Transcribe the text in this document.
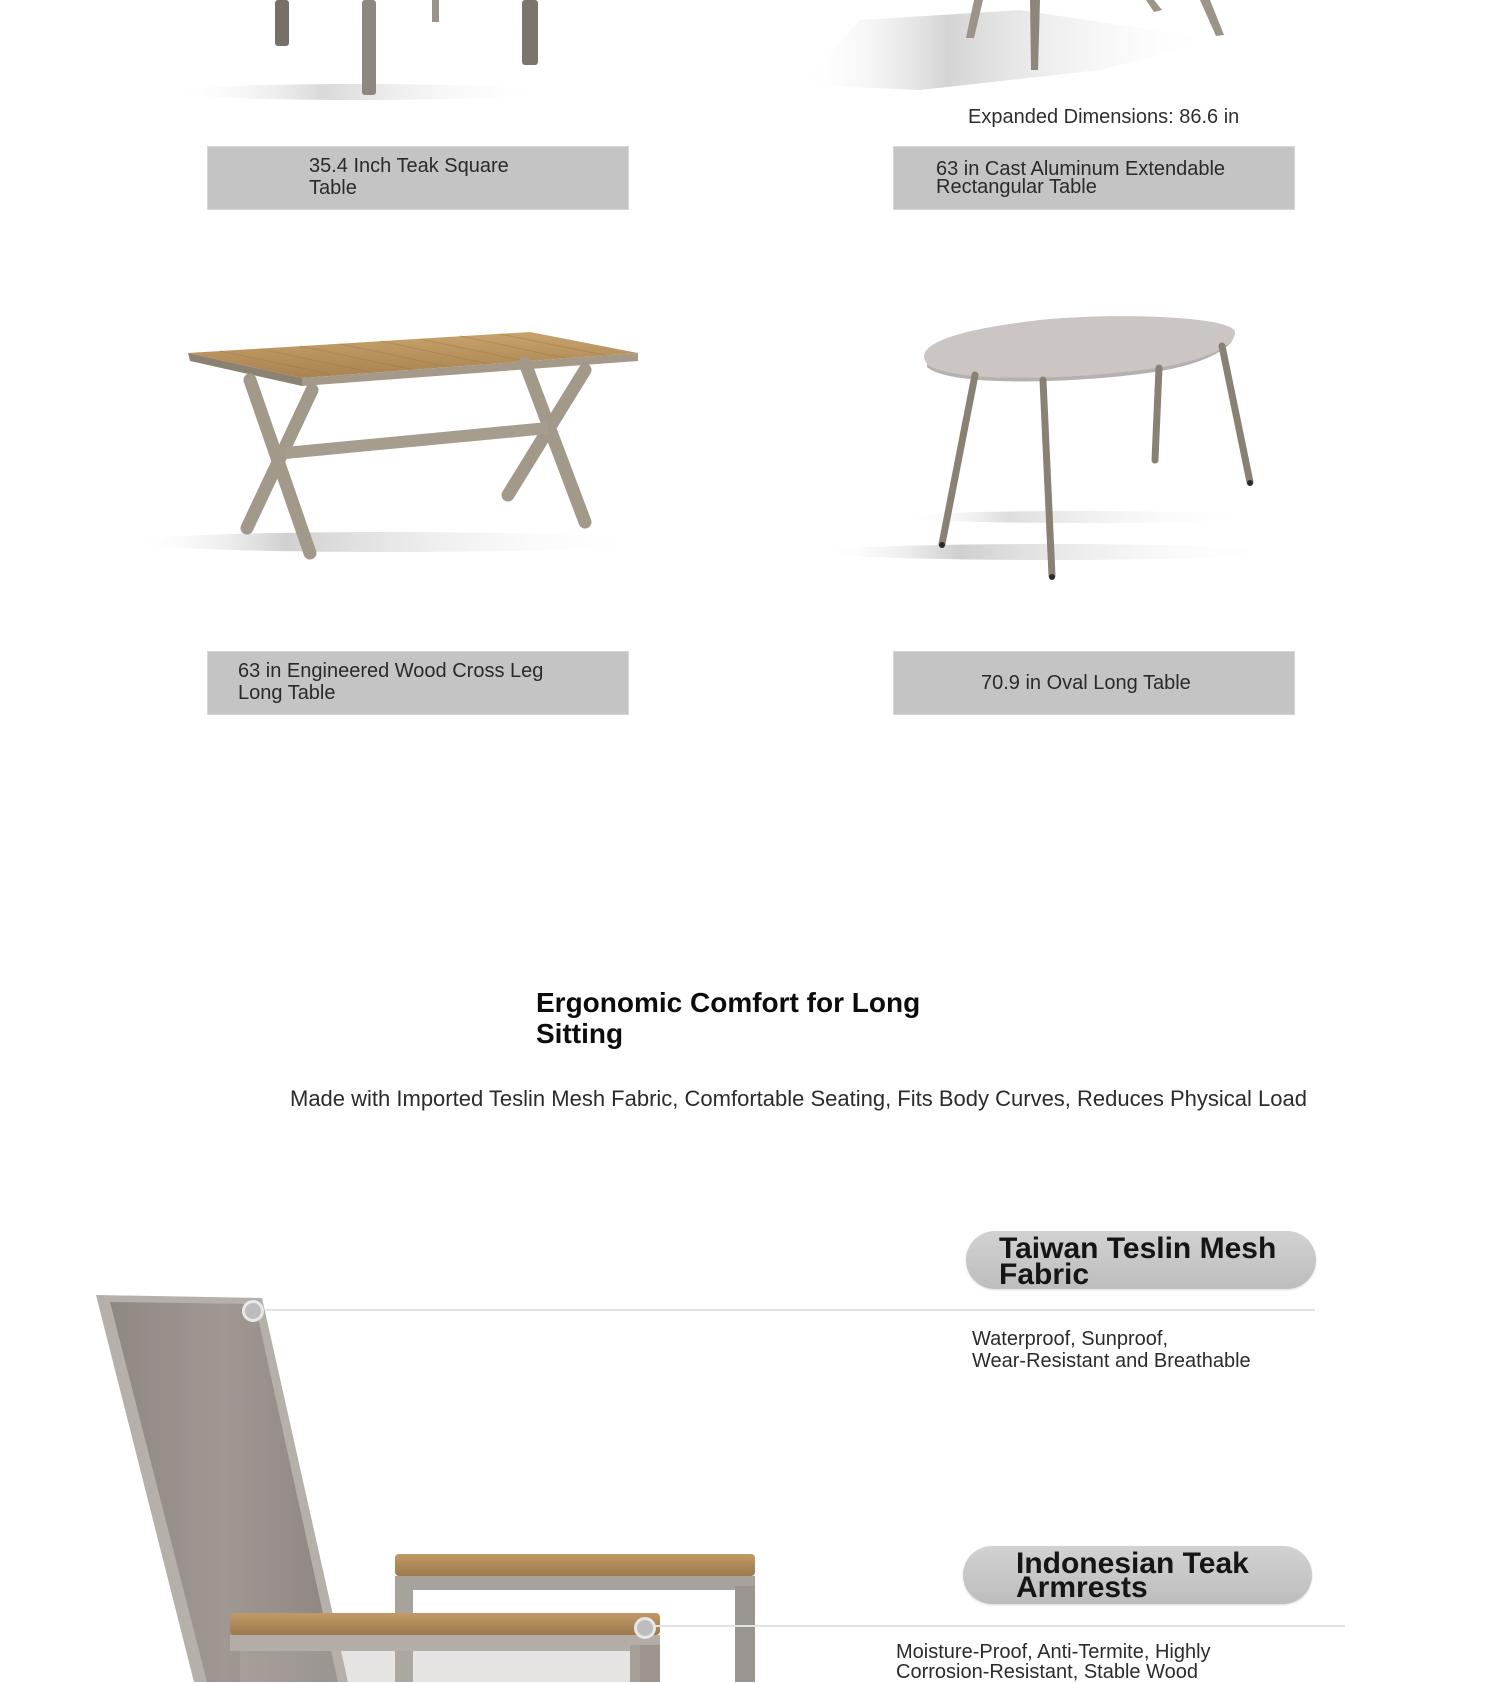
Expanded Dimensions: 86.6 in
35.4 Inch Teak Square
Table
63 in Cast Aluminum Extendable
Rectangular Table
63 in Engineered Wood Cross Leg
Long Table	70.9 in Oval Long Table
Ergonomic Comfort for Long
Sitting
Made with Imported Teslin Mesh Fabric, Comfortable Seating, Fits Body Curves, Reduces Physical Load
Taiwan Teslin Mesh
Fabric
Waterproof, Sunproof,
Wear-Resistant and Breathable
Indonesian Teak
Armrests
Moisture-Proof, Anti-Termite, Highly
Corrosion-Resistant, Stable Wood
